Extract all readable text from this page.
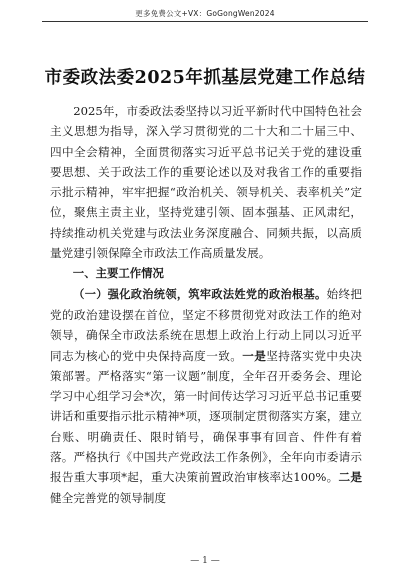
更多免费公文+VX：GoGongWen2024
市委政法委2025年抓基层党建工作总结

2025年，市委政法委坚持以习近平新时代中国特色社会主义思想为指导，深入学习贯彻党的二十大和二十届三中、四中全会精神，全面贯彻落实习近平总书记关于党的建设重要思想、关于政法工作的重要论述以及对我省工作的重要指示批示精神，牢牢把握“政治机关、领导机关、表率机关”定位，聚焦主责主业，坚持党建引领、固本强基、正风肃纪，持续推动机关党建与政法业务深度融合、同频共振，以高质量党建引领保障全市政法工作高质量发展。

一、主要工作情况

（一）强化政治统领，筑牢政法姓党的政治根基。始终把党的政治建设摆在首位，坚定不移贯彻党对政法工作的绝对领导，确保全市政法系统在思想上政治上行动上同以习近平同志为核心的党中央保持高度一致。一是坚持落实党中央决策部署。严格落实“第一议题”制度，全年召开委务会、理论学习中心组学习会*次，第一时间传达学习习近平总书记重要讲话和重要指示批示精神*项，逐项制定贯彻落实方案，建立台账、明确责任、限时销号，确保事事有回音、件件有着落。严格执行《中国共产党政法工作条例》，全年向市委请示报告重大事项*起，重大决策前置政治审核率达100%。二是健全完善党的领导制度

— 1 —
